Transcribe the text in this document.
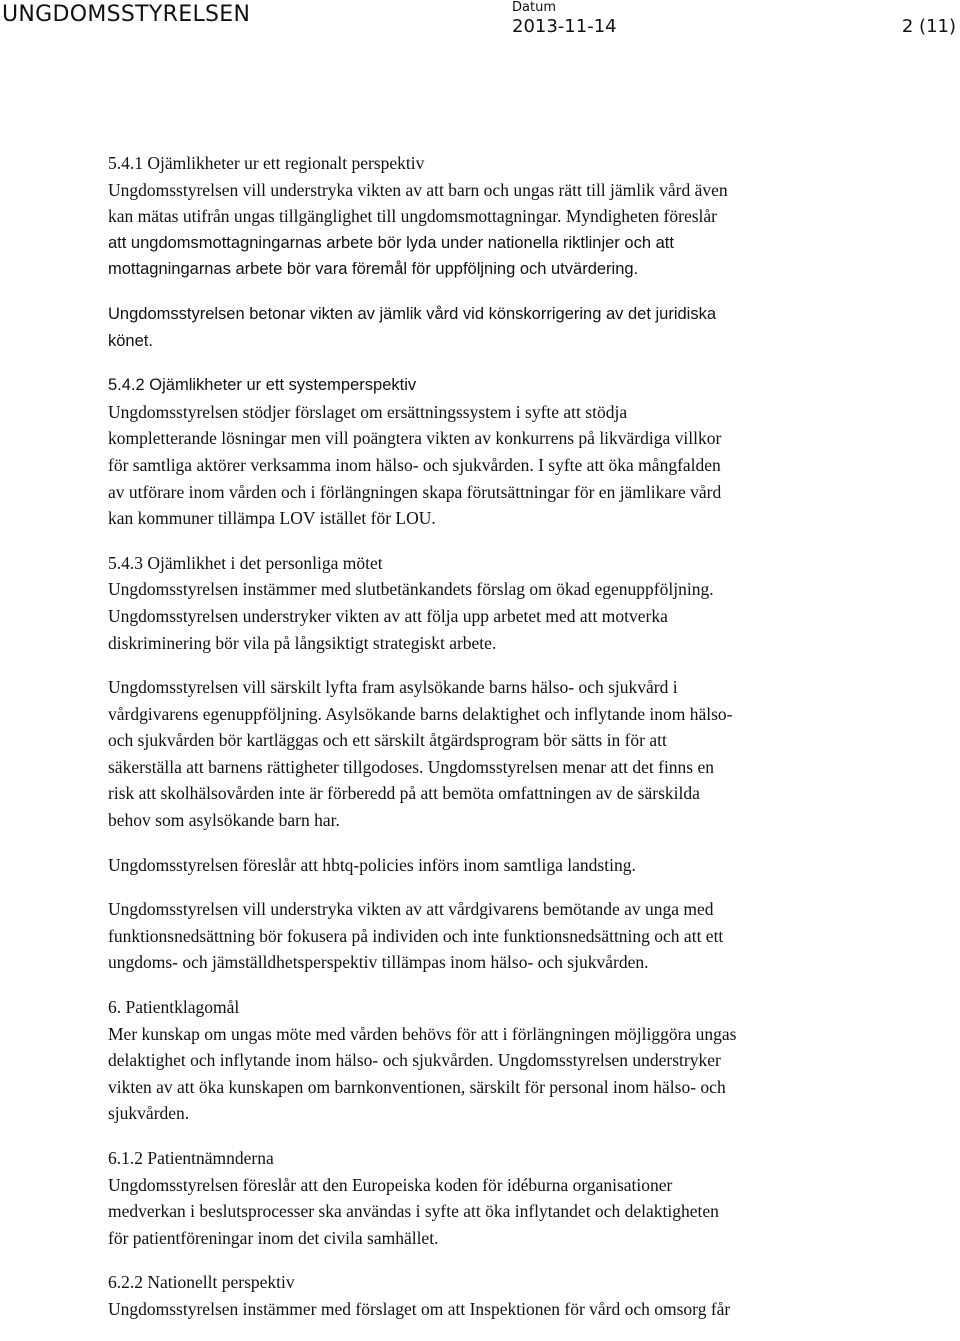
UNGDOMSSTYRELSEN	Datum
2013-11-14	2 (11)
5.4.1 Ojämlikheter ur ett regionalt perspektiv
Ungdomsstyrelsen vill understryka vikten av att barn och ungas rätt till jämlik vård även
kan mätas utifrån ungas tillgänglighet till ungdomsmottagningar. Myndigheten föreslår
att ungdomsmottagningarnas arbete bör lyda under nationella riktlinjer och att
mottagningarnas arbete bör vara föremål för uppföljning och utvärdering.
Ungdomsstyrelsen betonar vikten av jämlik vård vid könskorrigering av det juridiska
könet.
5.4.2 Ojämlikheter ur ett systemperspektiv
Ungdomsstyrelsen stödjer förslaget om ersättningssystem i syfte att stödja
kompletterande lösningar men vill poängtera vikten av konkurrens på likvärdiga villkor
för samtliga aktörer verksamma inom hälso- och sjukvården. I syfte att öka mångfalden
av utförare inom vården och i förlängningen skapa förutsättningar för en jämlikare vård
kan kommuner tillämpa LOV istället för LOU.
5.4.3 Ojämlikhet i det personliga mötet
Ungdomsstyrelsen instämmer med slutbetänkandets förslag om ökad egenuppföljning.
Ungdomsstyrelsen understryker vikten av att följa upp arbetet med att motverka
diskriminering bör vila på långsiktigt strategiskt arbete.
Ungdomsstyrelsen vill särskilt lyfta fram asylsökande barns hälso- och sjukvård i
vårdgivarens egenuppföljning. Asylsökande barns delaktighet och inflytande inom hälso-
och sjukvården bör kartläggas och ett särskilt åtgärdsprogram bör sätts in för att
säkerställa att barnens rättigheter tillgodoses. Ungdomsstyrelsen menar att det finns en
risk att skolhälsovården inte är förberedd på att bemöta omfattningen av de särskilda
behov som asylsökande barn har.
Ungdomsstyrelsen föreslår att hbtq-policies införs inom samtliga landsting.
Ungdomsstyrelsen vill understryka vikten av att vårdgivarens bemötande av unga med
funktionsnedsättning bör fokusera på individen och inte funktionsnedsättning och att ett
ungdoms- och jämställdhetsperspektiv tillämpas inom hälso- och sjukvården.
6. Patientklagomål
Mer kunskap om ungas möte med vården behövs för att i förlängningen möjliggöra ungas
delaktighet och inflytande inom hälso- och sjukvården. Ungdomsstyrelsen understryker
vikten av att öka kunskapen om barnkonventionen, särskilt för personal inom hälso- och
sjukvården.
6.1.2 Patientnämnderna
Ungdomsstyrelsen föreslår att den Europeiska koden för idéburna organisationer
medverkan i beslutsprocesser ska användas i syfte att öka inflytandet och delaktigheten
för patientföreningar inom det civila samhället.
6.2.2 Nationellt perspektiv
Ungdomsstyrelsen instämmer med förslaget om att Inspektionen för vård och omsorg får
